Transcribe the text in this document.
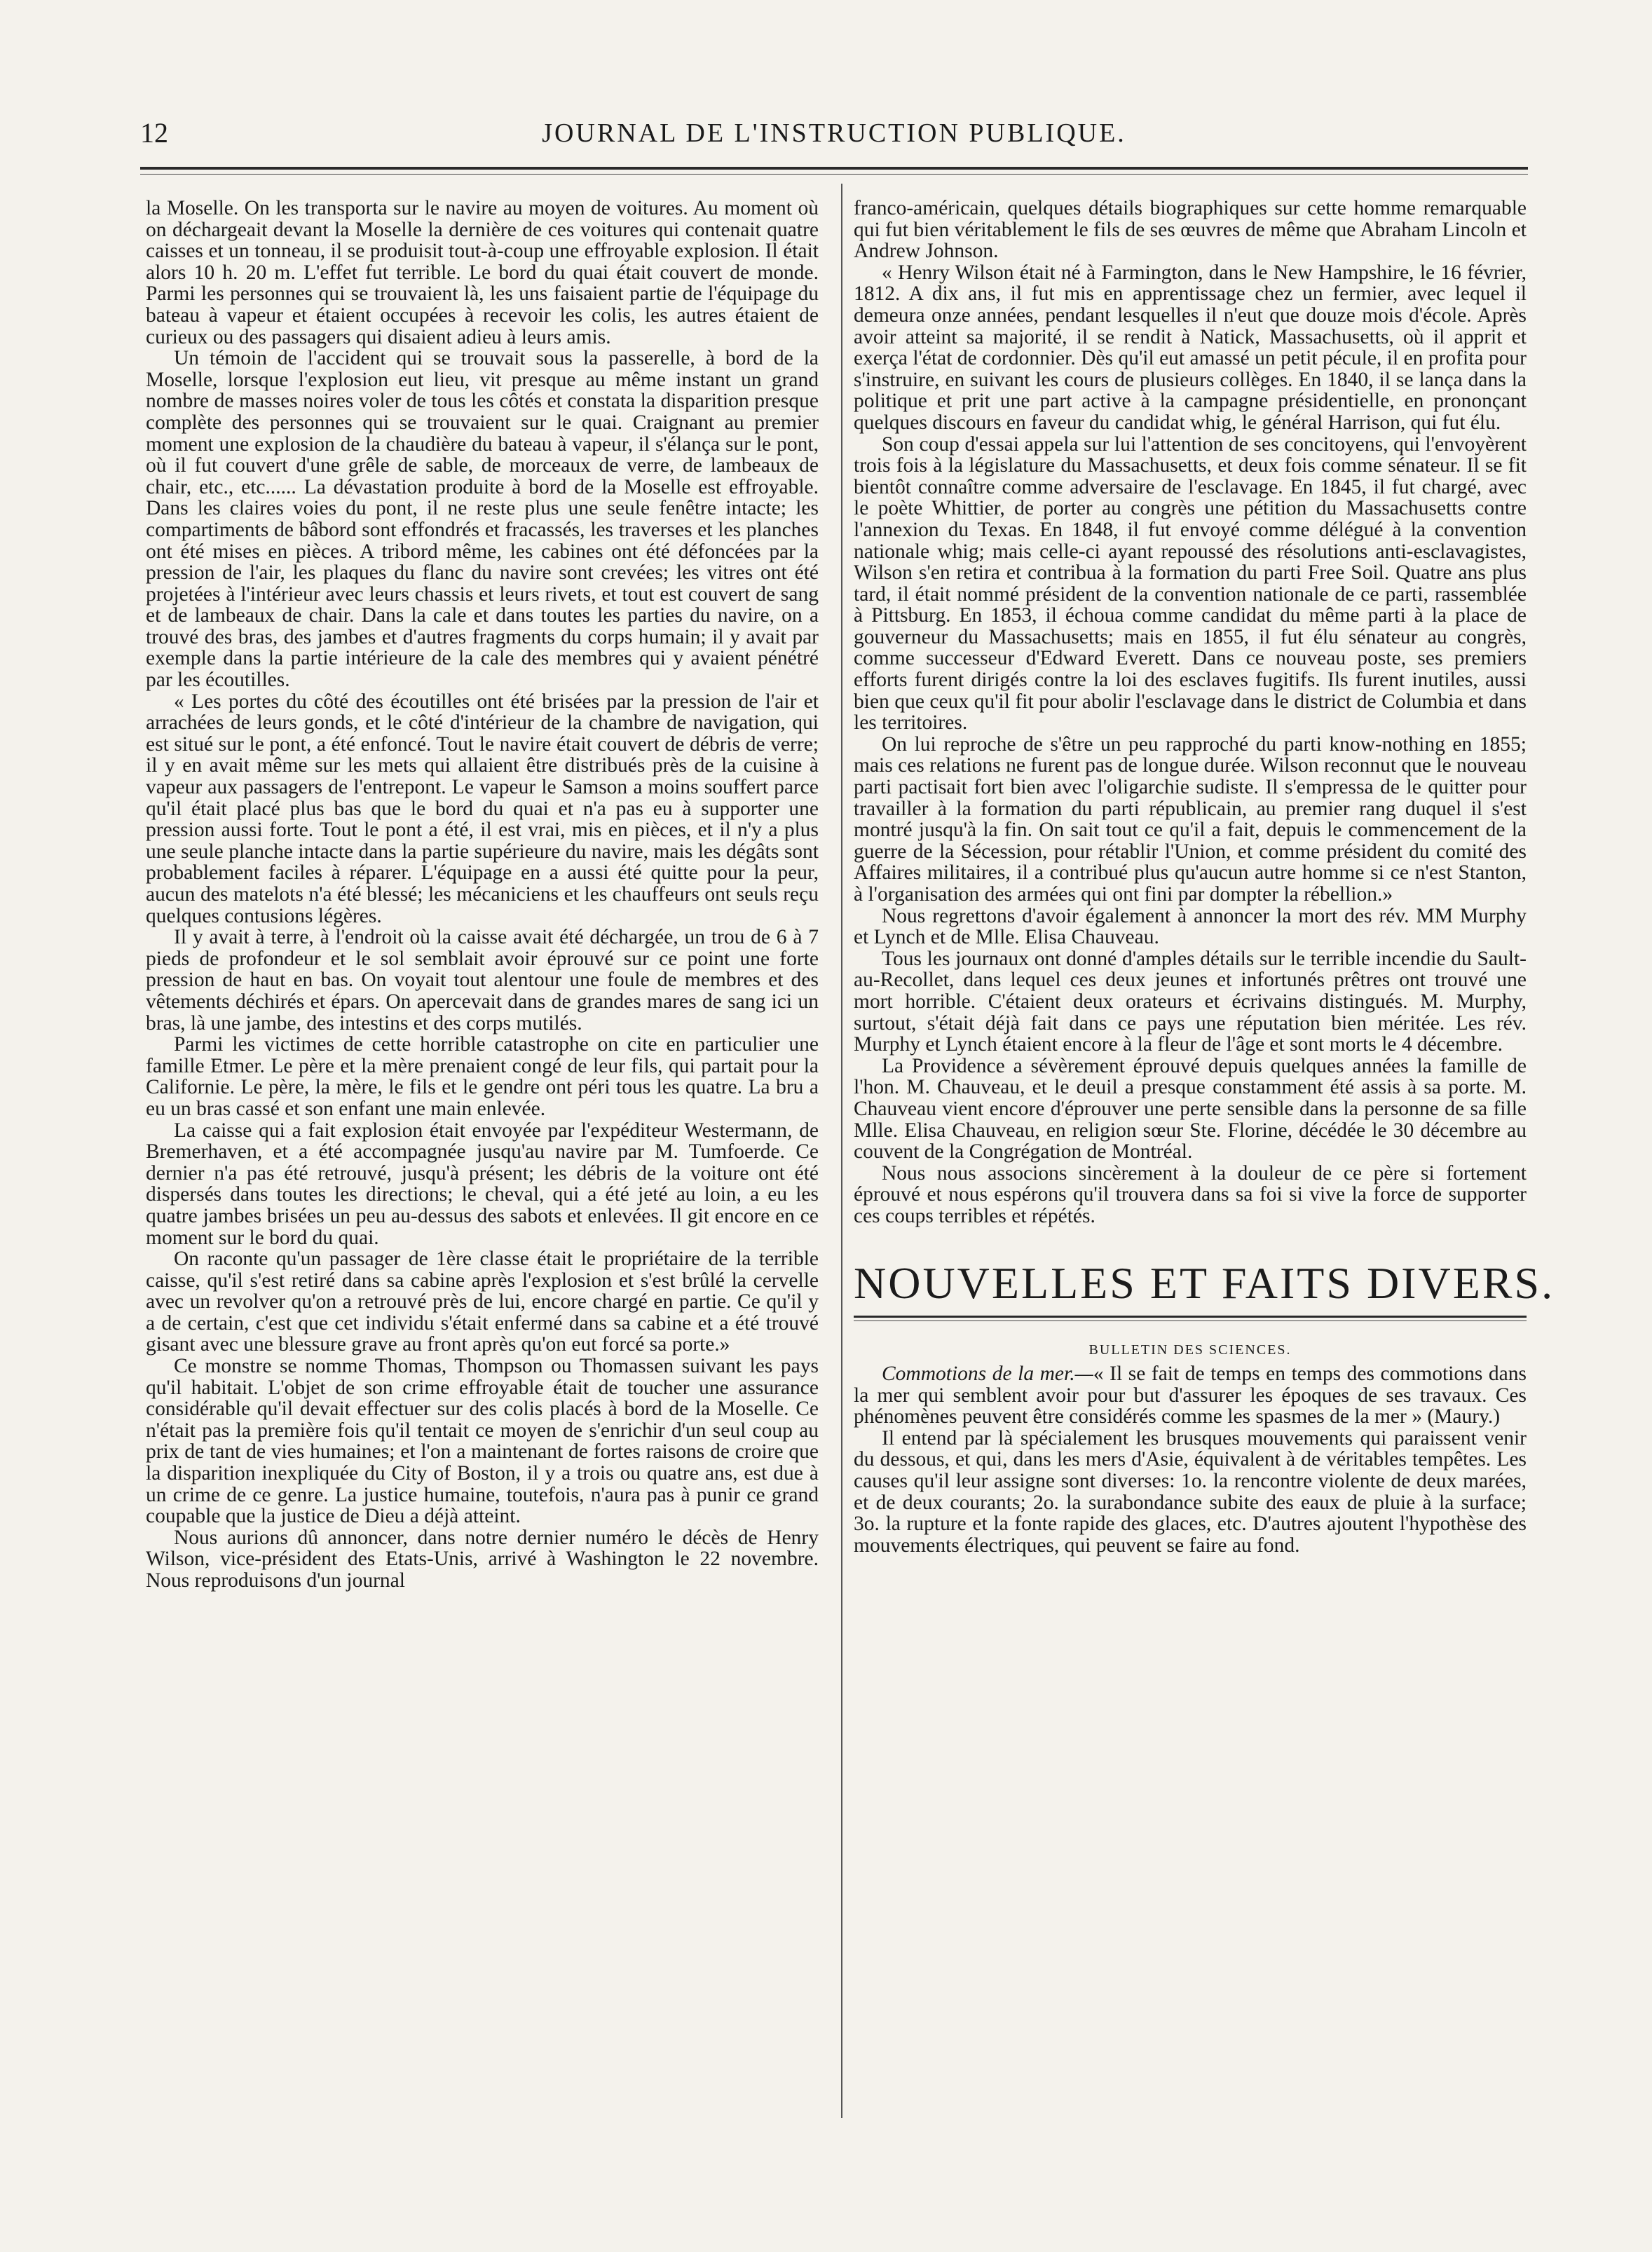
12	JOURNAL DE L'INSTRUCTION PUBLIQUE.

la Moselle. On les transporta sur le navire au moyen de voitures. Au moment où on déchargeait devant la Moselle la dernière de ces voitures qui contenait quatre caisses et un tonneau, il se produisit tout-à-coup une effroyable explosion. Il était alors 10 h. 20 m. L'effet fut terrible. Le bord du quai était couvert de monde. Parmi les personnes qui se trouvaient là, les uns faisaient partie de l'équipage du bateau à vapeur et étaient occupées à recevoir les colis, les autres étaient de curieux ou des passagers qui disaient adieu à leurs amis.

Un témoin de l'accident qui se trouvait sous la passerelle, à bord de la Moselle, lorsque l'explosion eut lieu, vit presque au même instant un grand nombre de masses noires voler de tous les côtés et constata la disparition presque complète des personnes qui se trouvaient sur le quai. Craignant au premier moment une explosion de la chaudière du bateau à vapeur, il s'élança sur le pont, où il fut couvert d'une grêle de sable, de morceaux de verre, de lambeaux de chair, etc., etc...... La dévastation produite à bord de la Moselle est effroyable. Dans les claires voies du pont, il ne reste plus une seule fenêtre intacte; les compartiments de bâbord sont effondrés et fracassés, les traverses et les planches ont été mises en pièces. A tribord même, les cabines ont été défoncées par la pression de l'air, les plaques du flanc du navire sont crevées; les vitres ont été projetées à l'intérieur avec leurs chassis et leurs rivets, et tout est couvert de sang et de lambeaux de chair. Dans la cale et dans toutes les parties du navire, on a trouvé des bras, des jambes et d'autres fragments du corps humain; il y avait par exemple dans la partie intérieure de la cale des membres qui y avaient pénétré par les écoutilles.

« Les portes du côté des écoutilles ont été brisées par la pression de l'air et arrachées de leurs gonds, et le côté d'intérieur de la chambre de navigation, qui est situé sur le pont, a été enfoncé. Tout le navire était couvert de débris de verre; il y en avait même sur les mets qui allaient être distribués près de la cuisine à vapeur aux passagers de l'entrepont. Le vapeur le Samson a moins souffert parce qu'il était placé plus bas que le bord du quai et n'a pas eu à supporter une pression aussi forte. Tout le pont a été, il est vrai, mis en pièces, et il n'y a plus une seule planche intacte dans la partie supérieure du navire, mais les dégâts sont probablement faciles à réparer. L'équipage en a aussi été quitte pour la peur, aucun des matelots n'a été blessé; les mécaniciens et les chauffeurs ont seuls reçu quelques contusions légères.

Il y avait à terre, à l'endroit où la caisse avait été déchargée, un trou de 6 à 7 pieds de profondeur et le sol semblait avoir éprouvé sur ce point une forte pression de haut en bas. On voyait tout alentour une foule de membres et des vêtements déchirés et épars. On apercevait dans de grandes mares de sang ici un bras, là une jambe, des intestins et des corps mutilés.

Parmi les victimes de cette horrible catastrophe on cite en particulier une famille Etmer. Le père et la mère prenaient congé de leur fils, qui partait pour la Californie. Le père, la mère, le fils et le gendre ont péri tous les quatre. La bru a eu un bras cassé et son enfant une main enlevée.

La caisse qui a fait explosion était envoyée par l'expéditeur Westermann, de Bremerhaven, et a été accompagnée jusqu'au navire par M. Tumfoerde. Ce dernier n'a pas été retrouvé, jusqu'à présent; les débris de la voiture ont été dispersés dans toutes les directions; le cheval, qui a été jeté au loin, a eu les quatre jambes brisées un peu au-dessus des sabots et enlevées. Il git encore en ce moment sur le bord du quai.

On raconte qu'un passager de 1ère classe était le propriétaire de la terrible caisse, qu'il s'est retiré dans sa cabine après l'explosion et s'est brûlé la cervelle avec un revolver qu'on a retrouvé près de lui, encore chargé en partie. Ce qu'il y a de certain, c'est que cet individu s'était enfermé dans sa cabine et a été trouvé gisant avec une blessure grave au front après qu'on eut forcé sa porte.»

Ce monstre se nomme Thomas, Thompson ou Thomassen suivant les pays qu'il habitait. L'objet de son crime effroyable était de toucher une assurance considérable qu'il devait effectuer sur des colis placés à bord de la Moselle. Ce n'était pas la première fois qu'il tentait ce moyen de s'enrichir d'un seul coup au prix de tant de vies humaines; et l'on a maintenant de fortes raisons de croire que la disparition inexpliquée du City of Boston, il y a trois ou quatre ans, est due à un crime de ce genre. La justice humaine, toutefois, n'aura pas à punir ce grand coupable que la justice de Dieu a déjà atteint.

Nous aurions dû annoncer, dans notre dernier numéro le décès de Henry Wilson, vice-président des Etats-Unis, arrivé à Washington le 22 novembre. Nous reproduisons d'un journal

franco-américain, quelques détails biographiques sur cette homme remarquable qui fut bien véritablement le fils de ses œuvres de même que Abraham Lincoln et Andrew Johnson.

« Henry Wilson était né à Farmington, dans le New Hampshire, le 16 février, 1812. A dix ans, il fut mis en apprentissage chez un fermier, avec lequel il demeura onze années, pendant lesquelles il n'eut que douze mois d'école. Après avoir atteint sa majorité, il se rendit à Natick, Massachusetts, où il apprit et exerça l'état de cordonnier. Dès qu'il eut amassé un petit pécule, il en profita pour s'instruire, en suivant les cours de plusieurs collèges. En 1840, il se lança dans la politique et prit une part active à la campagne présidentielle, en prononçant quelques discours en faveur du candidat whig, le général Harrison, qui fut élu.

Son coup d'essai appela sur lui l'attention de ses concitoyens, qui l'envoyèrent trois fois à la législature du Massachusetts, et deux fois comme sénateur. Il se fit bientôt connaître comme adversaire de l'esclavage. En 1845, il fut chargé, avec le poète Whittier, de porter au congrès une pétition du Massachusetts contre l'annexion du Texas. En 1848, il fut envoyé comme délégué à la convention nationale whig; mais celle-ci ayant repoussé des résolutions anti-esclavagistes, Wilson s'en retira et contribua à la formation du parti Free Soil. Quatre ans plus tard, il était nommé président de la convention nationale de ce parti, rassemblée à Pittsburg. En 1853, il échoua comme candidat du même parti à la place de gouverneur du Massachusetts; mais en 1855, il fut élu sénateur au congrès, comme successeur d'Edward Everett. Dans ce nouveau poste, ses premiers efforts furent dirigés contre la loi des esclaves fugitifs. Ils furent inutiles, aussi bien que ceux qu'il fit pour abolir l'esclavage dans le district de Columbia et dans les territoires.

On lui reproche de s'être un peu rapproché du parti know-nothing en 1855; mais ces relations ne furent pas de longue durée. Wilson reconnut que le nouveau parti pactisait fort bien avec l'oligarchie sudiste. Il s'empressa de le quitter pour travailler à la formation du parti républicain, au premier rang duquel il s'est montré jusqu'à la fin. On sait tout ce qu'il a fait, depuis le commencement de la guerre de la Sécession, pour rétablir l'Union, et comme président du comité des Affaires militaires, il a contribué plus qu'aucun autre homme si ce n'est Stanton, à l'organisation des armées qui ont fini par dompter la rébellion.»

Nous regrettons d'avoir également à annoncer la mort des rév. MM Murphy et Lynch et de Mlle. Elisa Chauveau.

Tous les journaux ont donné d'amples détails sur le terrible incendie du Sault-au-Recollet, dans lequel ces deux jeunes et infortunés prêtres ont trouvé une mort horrible. C'étaient deux orateurs et écrivains distingués. M. Murphy, surtout, s'était déjà fait dans ce pays une réputation bien méritée. Les rév. Murphy et Lynch étaient encore à la fleur de l'âge et sont morts le 4 décembre.

La Providence a sévèrement éprouvé depuis quelques années la famille de l'hon. M. Chauveau, et le deuil a presque constamment été assis à sa porte. M. Chauveau vient encore d'éprouver une perte sensible dans la personne de sa fille Mlle. Elisa Chauveau, en religion sœur Ste. Florine, décédée le 30 décembre au couvent de la Congrégation de Montréal.

Nous nous associons sincèrement à la douleur de ce père si fortement éprouvé et nous espérons qu'il trouvera dans sa foi si vive la force de supporter ces coups terribles et répétés.

NOUVELLES ET FAITS DIVERS.
BULLETIN DES SCIENCES.

Commotions de la mer.—« Il se fait de temps en temps des commotions dans la mer qui semblent avoir pour but d'assurer les époques de ses travaux. Ces phénomènes peuvent être considérés comme les spasmes de la mer » (Maury.)

Il entend par là spécialement les brusques mouvements qui paraissent venir du dessous, et qui, dans les mers d'Asie, équivalent à de véritables tempêtes. Les causes qu'il leur assigne sont diverses: 1o. la rencontre violente de deux marées, et de deux courants; 2o. la surabondance subite des eaux de pluie à la surface; 3o. la rupture et la fonte rapide des glaces, etc. D'autres ajoutent l'hypothèse des mouvements électriques, qui peuvent se faire au fond.
